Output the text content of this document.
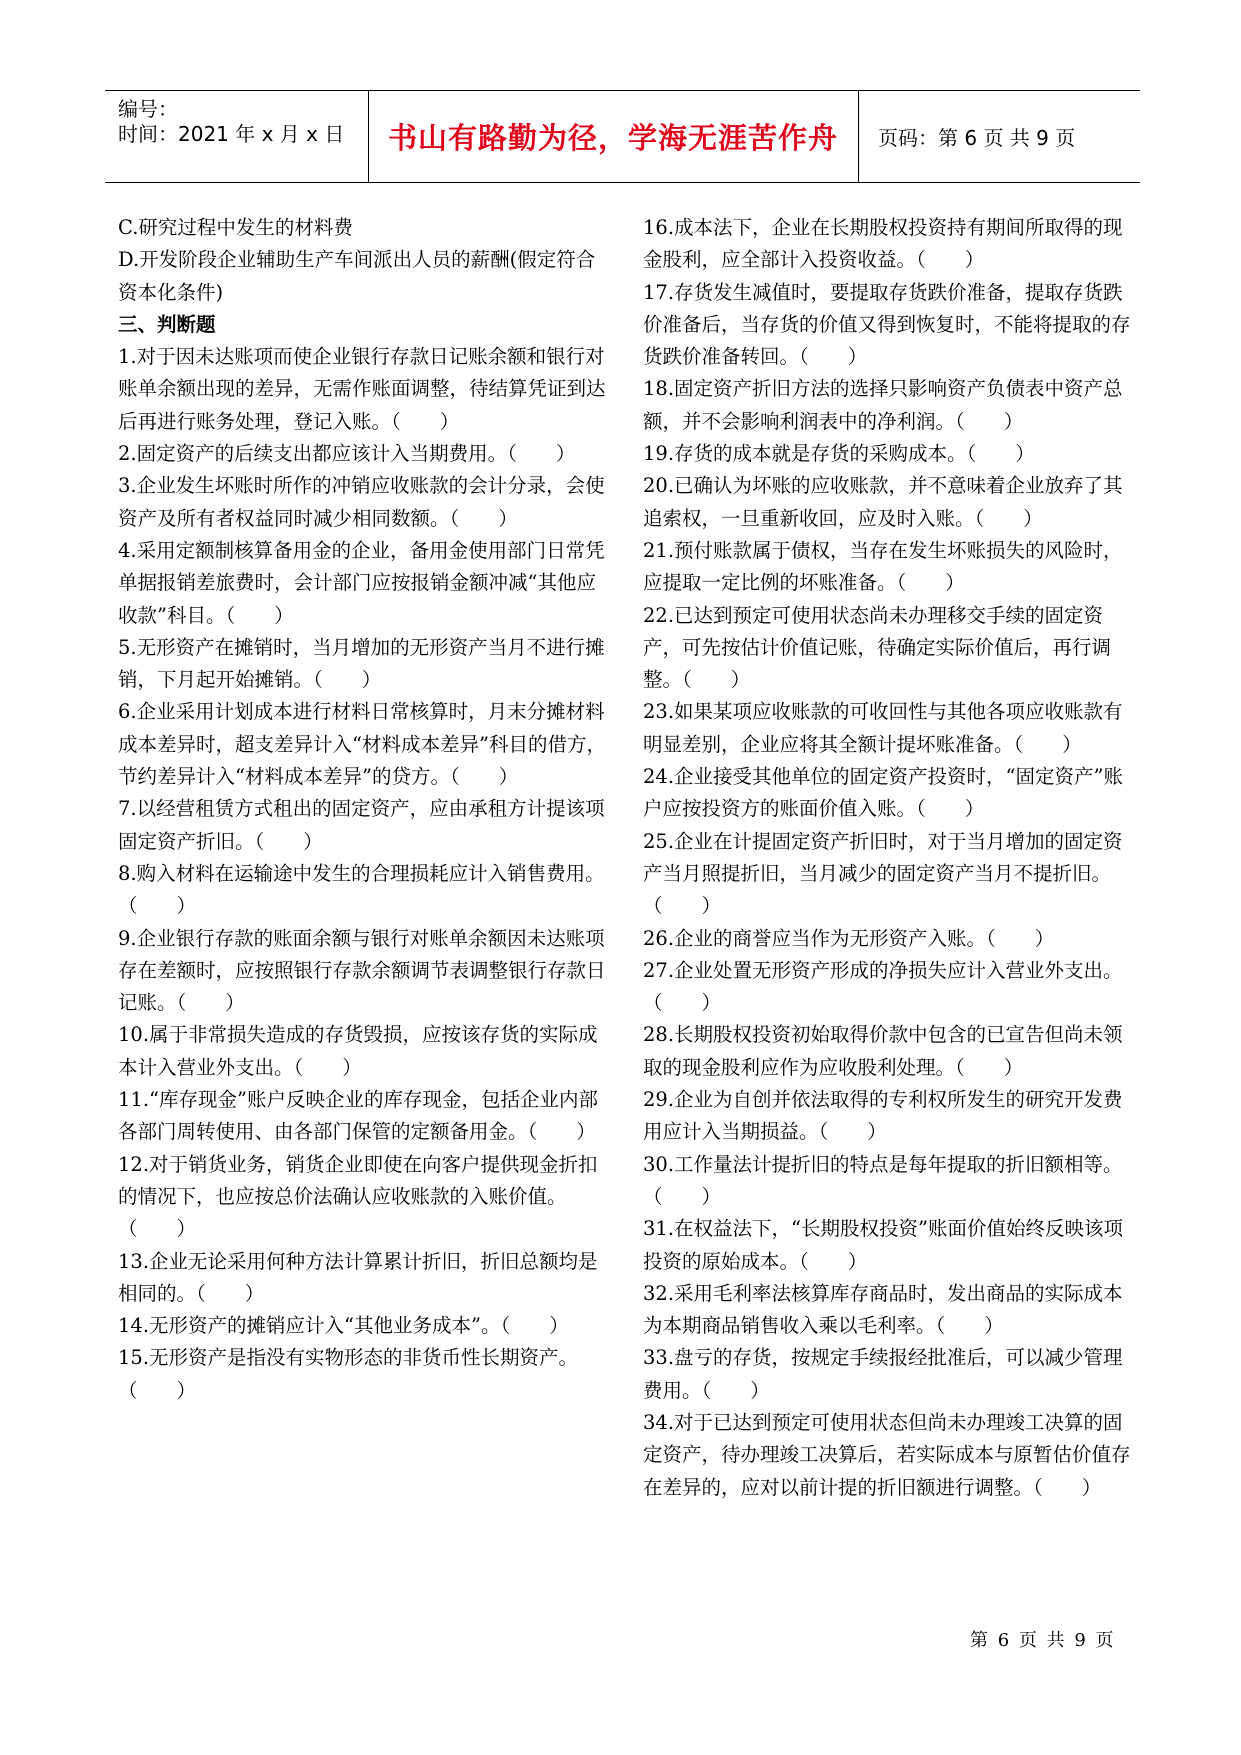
编号：
时间：2021 年 x 月 x 日	书山有路勤为径，学海无涯苦作舟	页码：第 6 页 共 9 页

C.研究过程中发生的材料费

D.开发阶段企业辅助生产车间派出人员的薪酬(假定符合资本化条件)

三、判断题

1.对于因未达账项而使企业银行存款日记账余额和银行对账单余额出现的差异，无需作账面调整，待结算凭证到达后再进行账务处理，登记入账。（　　）

2.固定资产的后续支出都应该计入当期费用。（　　）

3.企业发生坏账时所作的冲销应收账款的会计分录，会使资产及所有者权益同时减少相同数额。（　　）

4.采用定额制核算备用金的企业，备用金使用部门日常凭单据报销差旅费时，会计部门应按报销金额冲减“其他应收款”科目。（　　）

5.无形资产在摊销时，当月增加的无形资产当月不进行摊销，下月起开始摊销。（　　）

6.企业采用计划成本进行材料日常核算时，月末分摊材料成本差异时，超支差异计入“材料成本差异”科目的借方，节约差异计入“材料成本差异”的贷方。（　　）

7.以经营租赁方式租出的固定资产，应由承租方计提该项固定资产折旧。（　　）

8.购入材料在运输途中发生的合理损耗应计入销售费用。（　　）

9.企业银行存款的账面余额与银行对账单余额因未达账项存在差额时，应按照银行存款余额调节表调整银行存款日记账。（　　）

10.属于非常损失造成的存货毁损，应按该存货的实际成本计入营业外支出。（　　）

11.“库存现金”账户反映企业的库存现金，包括企业内部各部门周转使用、由各部门保管的定额备用金。（　　）

12.对于销货业务，销货企业即使在向客户提供现金折扣的情况下，也应按总价法确认应收账款的入账价值。（　　）

13.企业无论采用何种方法计算累计折旧，折旧总额均是相同的。（　　）

14.无形资产的摊销应计入“其他业务成本”。（　　）

15.无形资产是指没有实物形态的非货币性长期资产。（　　）

16.成本法下，企业在长期股权投资持有期间所取得的现金股利，应全部计入投资收益。（　　）

17.存货发生减值时，要提取存货跌价准备，提取存货跌价准备后，当存货的价值又得到恢复时，不能将提取的存货跌价准备转回。（　　）

18.固定资产折旧方法的选择只影响资产负债表中资产总额，并不会影响利润表中的净利润。（　　）

19.存货的成本就是存货的采购成本。（　　）

20.已确认为坏账的应收账款，并不意味着企业放弃了其追索权，一旦重新收回，应及时入账。（　　）

21.预付账款属于债权，当存在发生坏账损失的风险时，应提取一定比例的坏账准备。（　　）

22.已达到预定可使用状态尚未办理移交手续的固定资产，可先按估计价值记账，待确定实际价值后，再行调整。（　　）

23.如果某项应收账款的可收回性与其他各项应收账款有明显差别，企业应将其全额计提坏账准备。（　　）

24.企业接受其他单位的固定资产投资时，“固定资产”账户应按投资方的账面价值入账。（　　）

25.企业在计提固定资产折旧时，对于当月增加的固定资产当月照提折旧，当月减少的固定资产当月不提折旧。（　　）

26.企业的商誉应当作为无形资产入账。（　　）

27.企业处置无形资产形成的净损失应计入营业外支出。（　　）

28.长期股权投资初始取得价款中包含的已宣告但尚未领取的现金股利应作为应收股利处理。（　　）

29.企业为自创并依法取得的专利权所发生的研究开发费用应计入当期损益。（　　）

30.工作量法计提折旧的特点是每年提取的折旧额相等。（　　）

31.在权益法下，“长期股权投资”账面价值始终反映该项投资的原始成本。（　　）

32.采用毛利率法核算库存商品时，发出商品的实际成本为本期商品销售收入乘以毛利率。（　　）

33.盘亏的存货，按规定手续报经批准后，可以减少管理费用。（　　）

34.对于已达到预定可使用状态但尚未办理竣工决算的固定资产，待办理竣工决算后，若实际成本与原暂估价值存在差异的，应对以前计提的折旧额进行调整。（　　）

第 6 页 共 9 页
